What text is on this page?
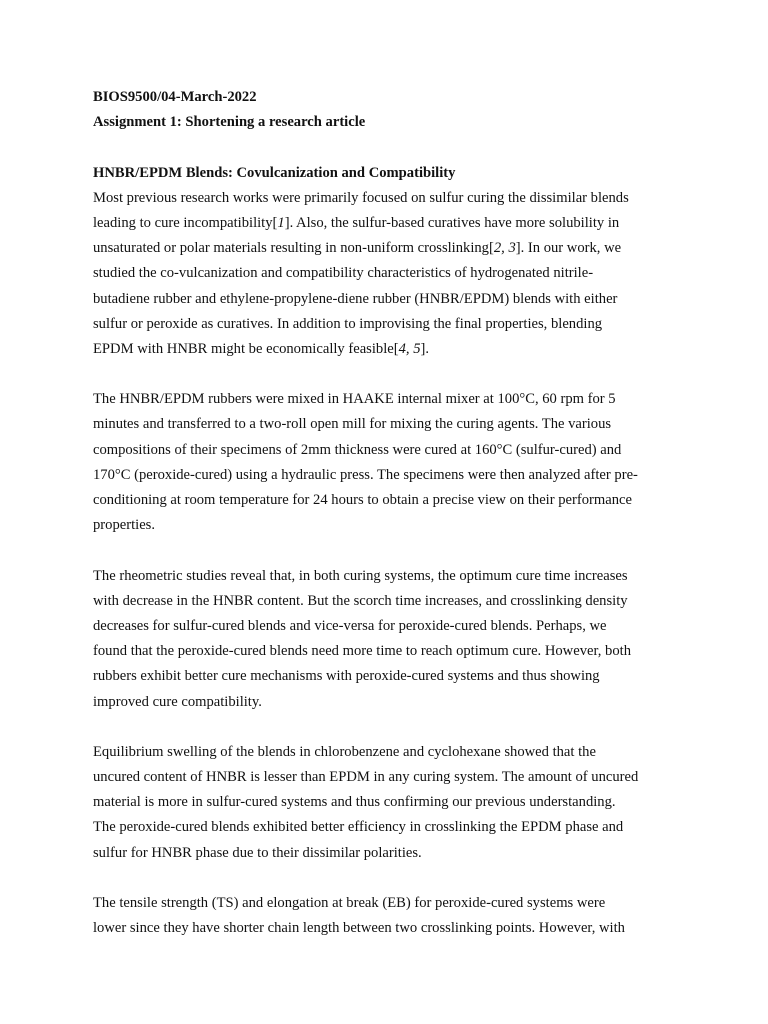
BIOS9500/04-March-2022
Assignment 1: Shortening a research article
HNBR/EPDM Blends: Covulcanization and Compatibility
Most previous research works were primarily focused on sulfur curing the dissimilar blends
leading to cure incompatibility[1]. Also, the sulfur-based curatives have more solubility in
unsaturated or polar materials resulting in non-uniform crosslinking[2, 3]. In our work, we
studied the co-vulcanization and compatibility characteristics of hydrogenated nitrile-
butadiene rubber and ethylene-propylene-diene rubber (HNBR/EPDM) blends with either
sulfur or peroxide as curatives. In addition to improvising the final properties, blending
EPDM with HNBR might be economically feasible[4, 5].
The HNBR/EPDM rubbers were mixed in HAAKE internal mixer at 100°C, 60 rpm for 5
minutes and transferred to a two-roll open mill for mixing the curing agents. The various
compositions of their specimens of 2mm thickness were cured at 160°C (sulfur-cured) and
170°C (peroxide-cured) using a hydraulic press. The specimens were then analyzed after pre-
conditioning at room temperature for 24 hours to obtain a precise view on their performance
properties.
The rheometric studies reveal that, in both curing systems, the optimum cure time increases
with decrease in the HNBR content. But the scorch time increases, and crosslinking density
decreases for sulfur-cured blends and vice-versa for peroxide-cured blends. Perhaps, we
found that the peroxide-cured blends need more time to reach optimum cure. However, both
rubbers exhibit better cure mechanisms with peroxide-cured systems and thus showing
improved cure compatibility.
Equilibrium swelling of the blends in chlorobenzene and cyclohexane showed that the
uncured content of HNBR is lesser than EPDM in any curing system. The amount of uncured
material is more in sulfur-cured systems and thus confirming our previous understanding.
The peroxide-cured blends exhibited better efficiency in crosslinking the EPDM phase and
sulfur for HNBR phase due to their dissimilar polarities.
The tensile strength (TS) and elongation at break (EB) for peroxide-cured systems were
lower since they have shorter chain length between two crosslinking points. However, with
